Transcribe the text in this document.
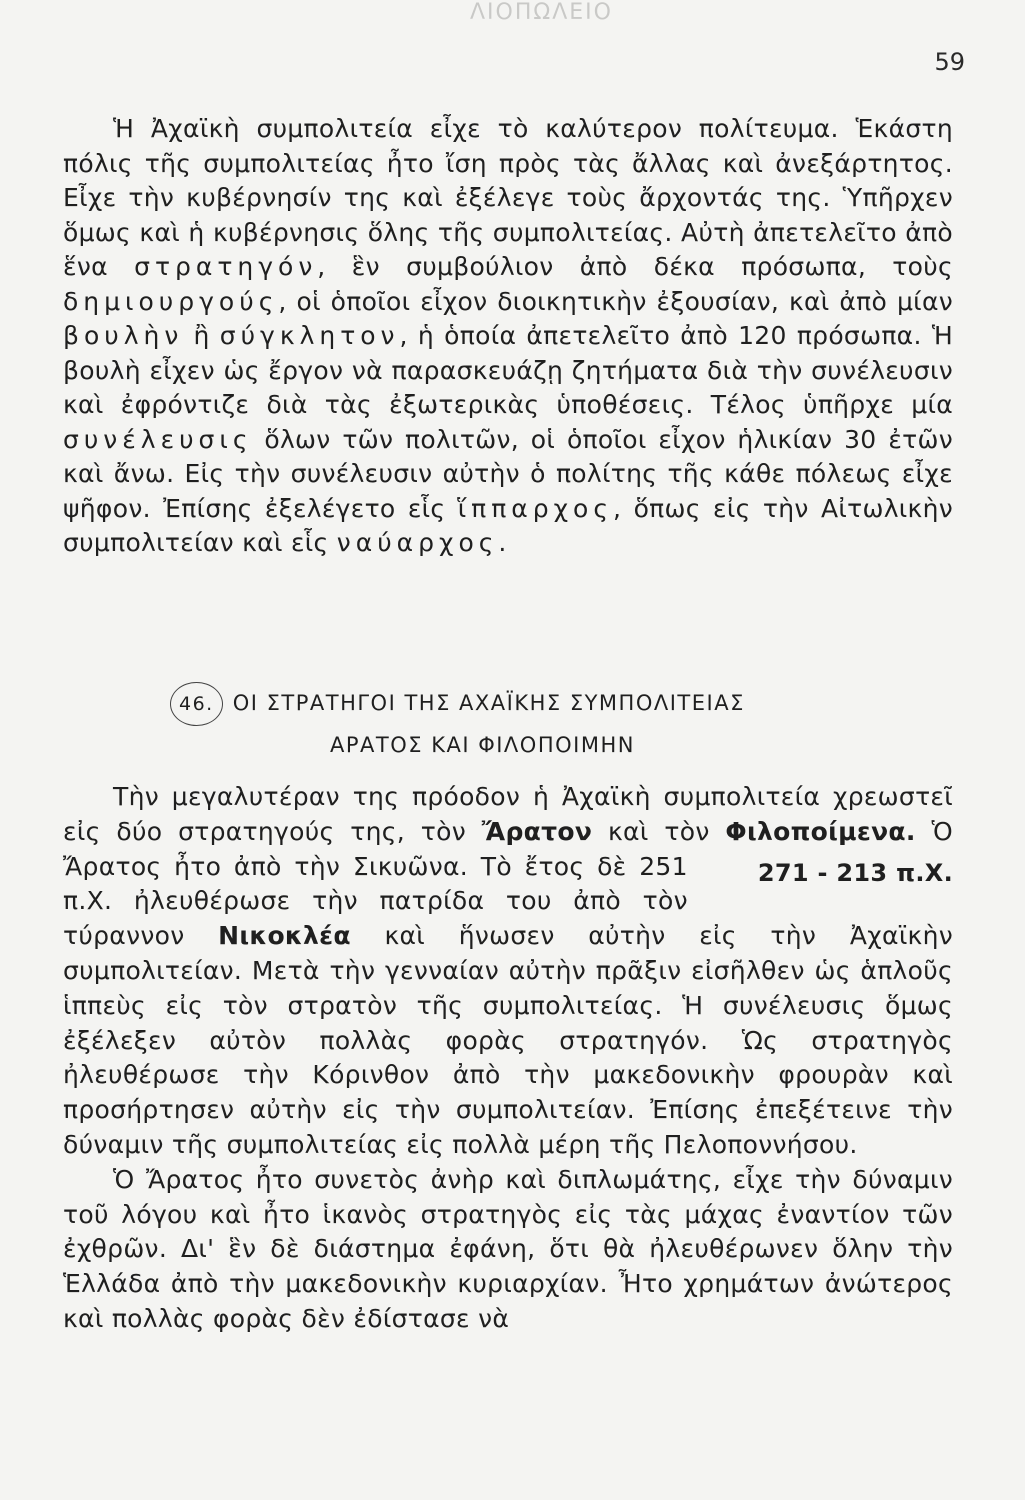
ΛΙΟΠΩΛΕΙΟ
59

Ἡ Ἀχαϊκὴ συμπολιτεία εἶχε τὸ καλύτερον πολίτευμα. Ἑκάστη πόλις τῆς συμπολιτείας ἦτο ἴση πρὸς τὰς ἄλλας καὶ ἀνεξάρτητος. Εἶχε τὴν κυβέρνησίν της καὶ ἐξέλεγε τοὺς ἄρχοντάς της. Ὑπῆρχεν ὅμως καὶ ἡ κυβέρνησις ὅλης τῆς συμπολιτείας. Αὐτὴ ἀπετελεῖτο ἀπὸ ἕνα στρατηγόν, ἓν συμβούλιον ἀπὸ δέκα πρόσωπα, τοὺς δημιουργούς, οἱ ὁποῖοι εἶχον διοικητικὴν ἐξουσίαν, καὶ ἀπὸ μίαν βουλὴν ἢ σύγκλητον, ἡ ὁποία ἀπετελεῖτο ἀπὸ 120 πρόσωπα. Ἡ βουλὴ εἶχεν ὡς ἔργον νὰ παρασκευάζῃ ζητήματα διὰ τὴν συνέλευσιν καὶ ἐφρόντιζε διὰ τὰς ἐξωτερικὰς ὑποθέσεις. Τέλος ὑπῆρχε μία συνέλευσις ὅλων τῶν πολιτῶν, οἱ ὁποῖοι εἶχον ἡλικίαν 30 ἐτῶν καὶ ἄνω. Εἰς τὴν συνέλευσιν αὐτὴν ὁ πολίτης τῆς κάθε πόλεως εἶχε ψῆφον. Ἐπίσης ἐξελέγετο εἷς ἵππαρχος, ὅπως εἰς τὴν Αἰτωλικὴν συμπολιτείαν καὶ εἷς ναύαρχος.

46. ΟΙ ΣΤΡΑΤΗΓΟΙ ΤΗΣ ΑΧΑΪΚΗΣ ΣΥΜΠΟΛΙΤΕΙΑΣ
ΑΡΑΤΟΣ ΚΑΙ ΦΙΛΟΠΟΙΜΗΝ

Τὴν μεγαλυτέραν της πρόοδον ἡ Ἀχαϊκὴ συμπολιτεία χρεωστεῖ εἰς δύο στρατηγούς της, τὸν Ἄρατον καὶ τὸν Φιλοποίμενα.
271 - 213 π.Χ.
Ὁ Ἄρατος ἦτο ἀπὸ τὴν Σικυῶνα. Τὸ ἔτος δὲ 251 π.Χ. ἠλευθέρωσε τὴν πατρίδα του ἀπὸ τὸν τύραννον Νικοκλέα καὶ ἥνωσεν αὐτὴν εἰς τὴν Ἀχαϊκὴν συμπολιτείαν. Μετὰ τὴν γενναίαν αὐτὴν πρᾶξιν εἰσῆλθεν ὡς ἁπλοῦς ἱππεὺς εἰς τὸν στρατὸν τῆς συμπολιτείας. Ἡ συνέλευσις ὅμως ἐξέλεξεν αὐτὸν πολλὰς φορὰς στρατηγόν. Ὡς στρατηγὸς ἠλευθέρωσε τὴν Κόρινθον ἀπὸ τὴν μακεδονικὴν φρουρὰν καὶ προσήρτησεν αὐτὴν εἰς τὴν συμπολιτείαν. Ἐπίσης ἐπεξέτεινε τὴν δύναμιν τῆς συμπολιτείας εἰς πολλὰ μέρη τῆς Πελοποννήσου.

Ὁ Ἄρατος ἦτο συνετὸς ἀνὴρ καὶ διπλωμάτης, εἶχε τὴν δύναμιν τοῦ λόγου καὶ ἦτο ἱκανὸς στρατηγὸς εἰς τὰς μάχας ἐναντίον τῶν ἐχθρῶν. Δι' ἓν δὲ διάστημα ἐφάνη, ὅτι θὰ ἠλευθέρωνεν ὅλην τὴν Ἑλλάδα ἀπὸ τὴν μακεδονικὴν κυριαρχίαν. Ἦτο χρημάτων ἀνώτερος καὶ πολλὰς φορὰς δὲν ἐδίστασε νὰ
